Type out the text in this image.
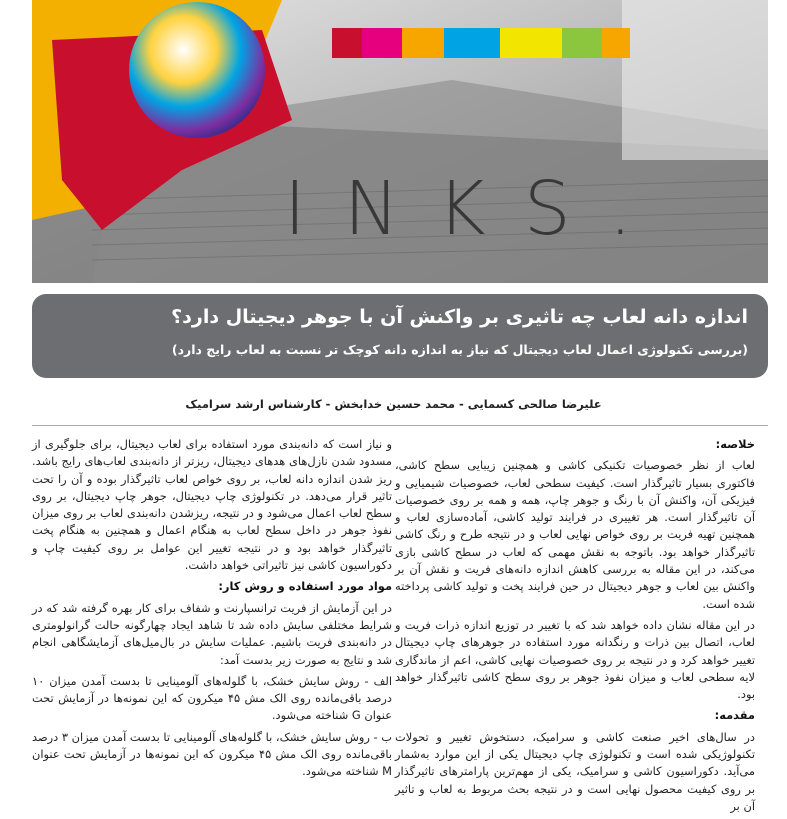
INKS.
اندازه دانه لعاب چه تاثیری بر واکنش آن با جوهر دیجیتال دارد؟
(بررسی تکنولوژی اعمال لعاب دیجیتال که نیاز به اندازه دانه کوچک تر نسبت به لعاب رایج دارد)
علیرضا صالحی کسمایی - محمد حسین خدابخش - کارشناس ارشد سرامیک

خلاصه:

لعاب از نظر خصوصیات تکنیکی کاشی و همچنین زیبایی سطح کاشی، فاکتوری بسیار تاثیرگذار است. کیفیت سطحی لعاب، خصوصیات شیمیایی و فیزیکی آن، واکنش آن با رنگ و جوهر چاپ، همه و همه بر روی خصوصیات آن تاثیرگذار است. هر تغییری در فرایند تولید کاشی، آماده‌سازی لعاب و همچنین تهیه فریت بر روی خواص نهایی لعاب و در نتیجه طرح و رنگ کاشی تاثیرگذار خواهد بود. باتوجه به نقش مهمی که لعاب در سطح کاشی بازی می‌کند، در این مقاله به بررسی کاهش اندازه دانه‌های فریت و نقش آن بر واکنش بین لعاب و جوهر دیجیتال در حین فرایند پخت و تولید کاشی پرداخته شده است.

در این مقاله نشان داده خواهد شد که با تغییر در توزیع اندازه ذرات فریت و لعاب، اتصال بین ذرات و رنگدانه مورد استفاده در جوهرهای چاپ دیجیتال تغییر خواهد کرد و در نتیجه بر روی خصوصیات نهایی کاشی، اعم از ماندگاری لایه سطحی لعاب و میزان نفوذ جوهر بر روی سطح کاشی تاثیرگذار خواهد بود.

مقدمه:

در سال‌های اخیر صنعت کاشی و سرامیک، دستخوش تغییر و تحولات تکنولوژیکی شده است و تکنولوژی چاپ دیجیتال یکی از این موارد به‌شمار می‌آید. دکوراسیون کاشی و سرامیک، یکی از مهم‌ترین پارامترهای تاثیرگذار بر روی کیفیت محصول نهایی است و در نتیجه بحث مربوط به لعاب و تاثیر آن بر

و نیاز است که دانه‌بندی مورد استفاده برای لعاب دیجیتال، برای جلوگیری از مسدود شدن نازل‌های هدهای دیجیتال، ریزتر از دانه‌بندی لعاب‌های رایج باشد. ریز شدن اندازه دانه لعاب، بر روی خواص لعاب تاثیرگذار بوده و آن را تحت تاثیر قرار می‌دهد. در تکنولوژی چاپ دیجیتال، جوهر چاپ دیجیتال، بر روی سطح لعاب اعمال می‌شود و در نتیجه، ریزشدن دانه‌بندی لعاب بر روی میزان نفوذ جوهر در داخل سطح لعاب به هنگام اعمال و همچنین به هنگام پخت تاثیرگذار خواهد بود و در نتیجه تغییر این عوامل بر روی کیفیت چاپ و دکوراسیون کاشی نیز تاثیراتی خواهد داشت.

مواد مورد استفاده و روش کار:

در این آزمایش از فریت ترانسپارنت و شفاف برای کار بهره گرفته شد که در شرایط مختلفی سایش داده شد تا شاهد ایجاد چهارگونه حالت گرانولومتری در دانه‌بندی فریت باشیم. عملیات سایش در بال‌میل‌های آزمایشگاهی انجام شد و نتایج به صورت زیر بدست آمد:

الف - روش سایش خشک، با گلوله‌های آلومینایی تا بدست آمدن میزان ۱۰ درصد باقی‌مانده روی الک مش ۴۵ میکرون که این نمونه‌ها در آزمایش تحت عنوان G شناخته می‌شود.

ب - روش سایش خشک، با گلوله‌های آلومینایی تا بدست آمدن میزان ۳ درصد باقی‌مانده روی الک مش ۴۵ میکرون که این نمونه‌ها در آزمایش تحت عنوان M شناخته می‌شود.
